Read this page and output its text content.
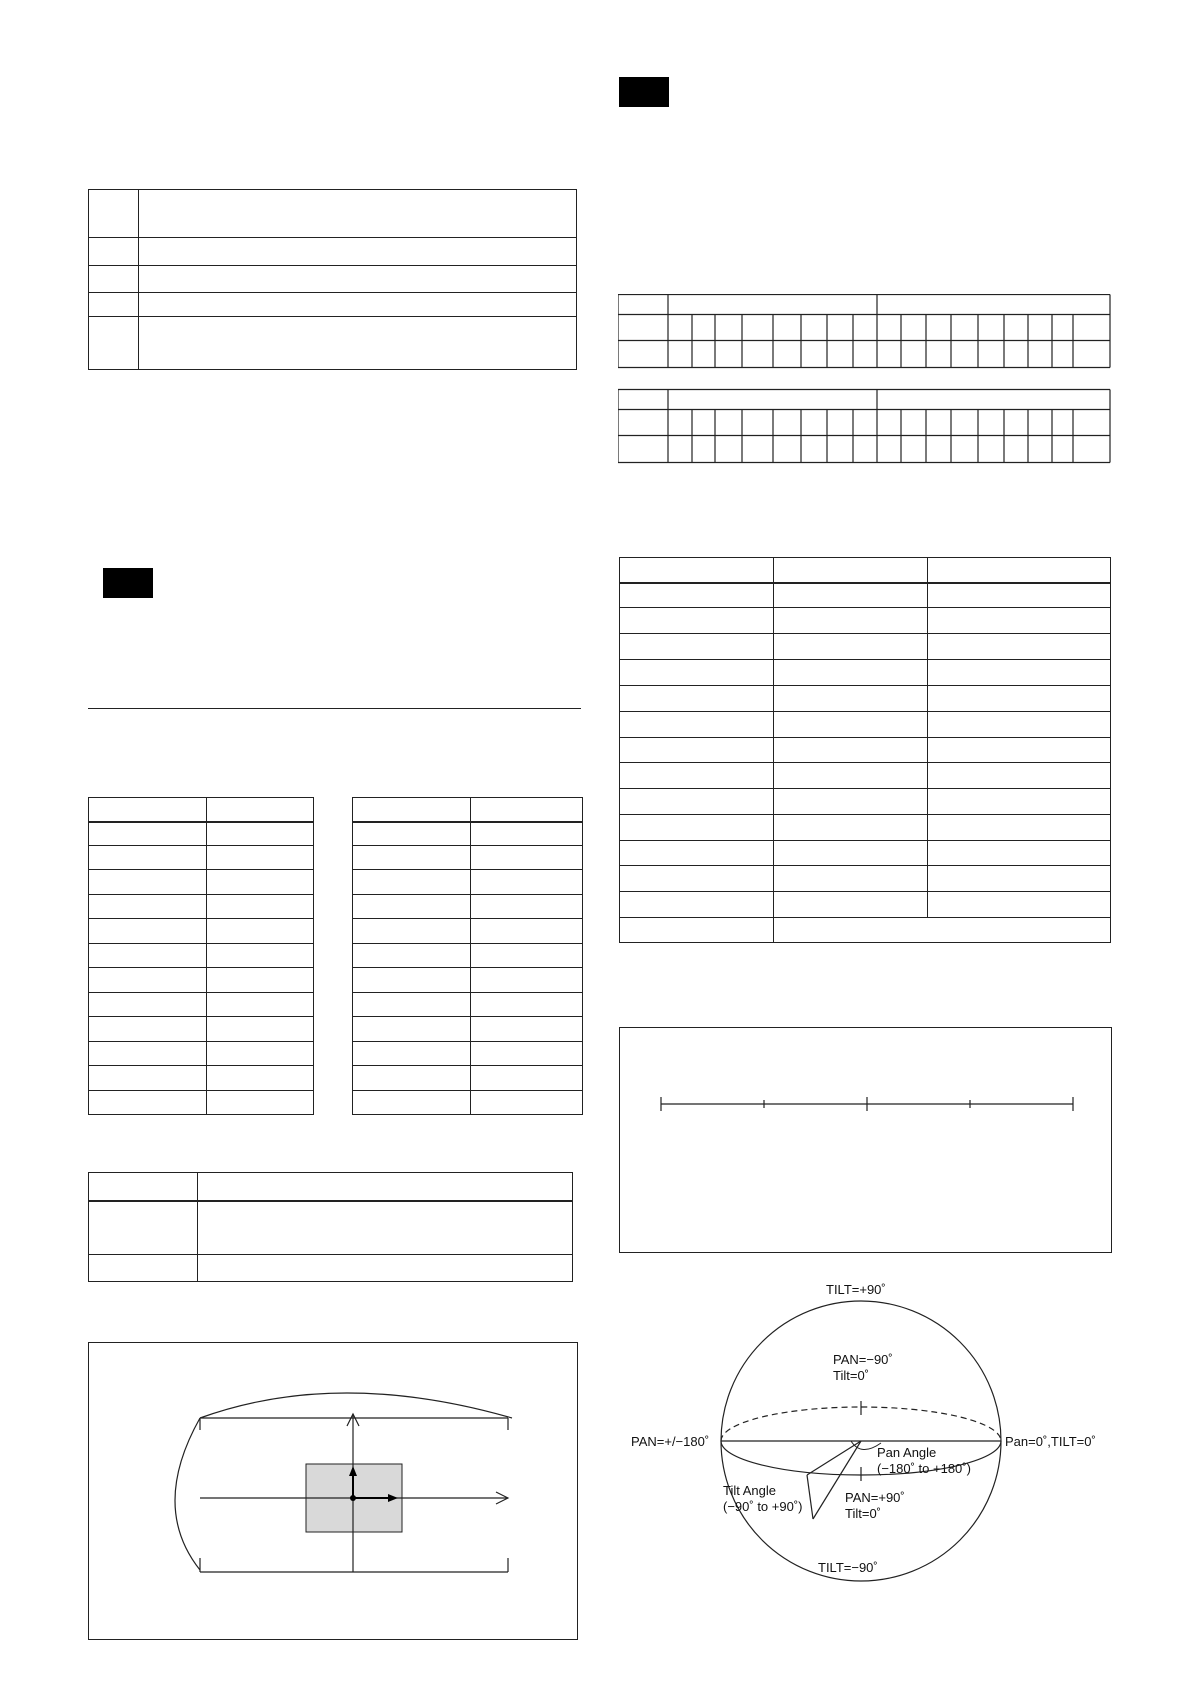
TILT=+90˚
TILT=−90˚
PAN=−90˚
Tilt=0˚
PAN=+/−180˚	Pan=0˚,TILT=0˚
Pan Angle
(−180˚ to +180˚)
Tilt Angle
(−90˚ to +90˚)
PAN=+90˚
Tilt=0˚
